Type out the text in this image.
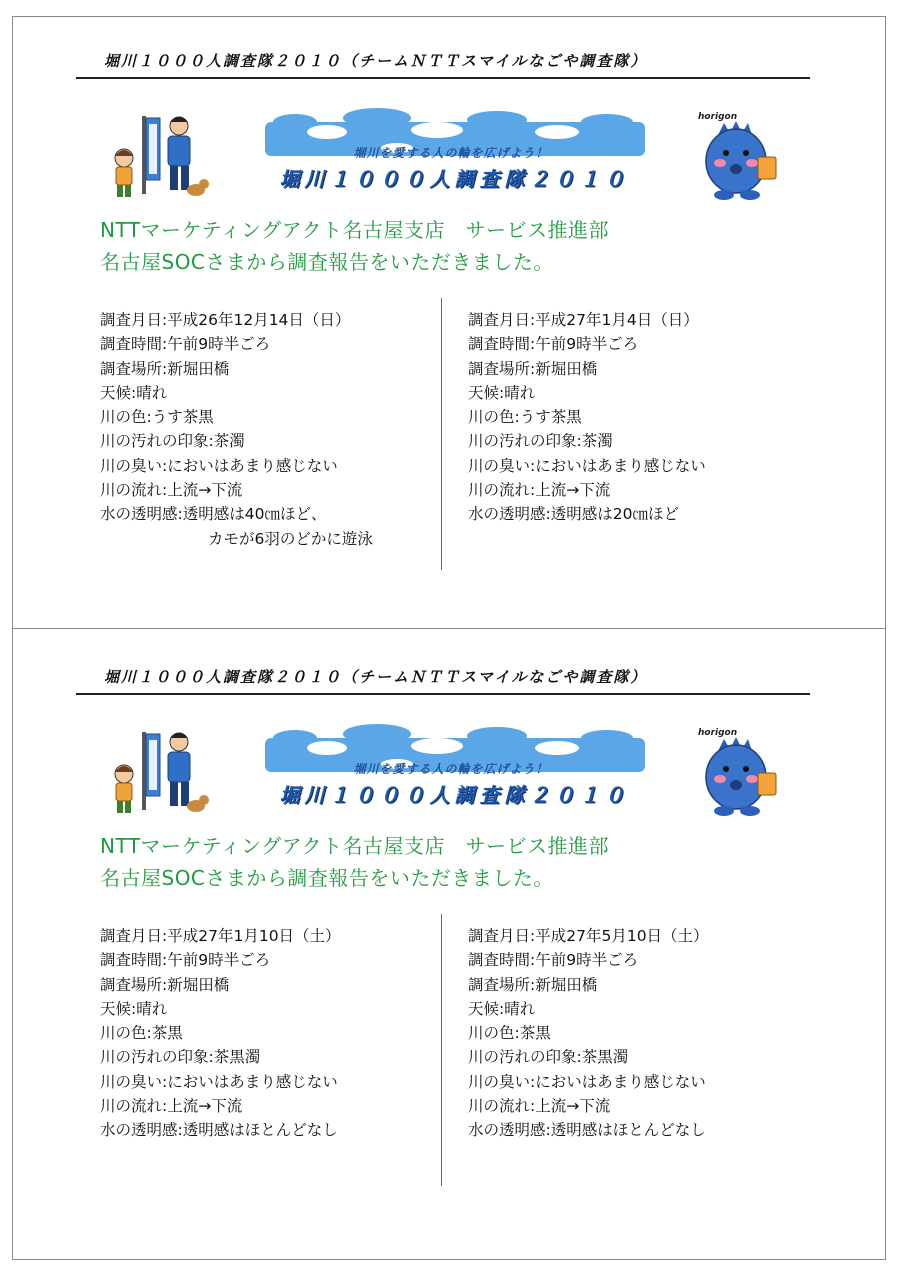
堀川１０００人調査隊２０１０（チームＮＴＴスマイルなごや調査隊）
堀川を愛する人の輪を広げよう！
堀川１０００人調査隊２０１０
horigon
NTTマーケティングアクト名古屋支店　サービス推進部
名古屋SOCさまから調査報告をいただきました。
調査月日:平成26年12月14日（日）
調査時間:午前9時半ごろ
調査場所:新堀田橋
天候:晴れ
川の色:うす茶黒
川の汚れの印象:茶濁
川の臭い:においはあまり感じない
川の流れ:上流→下流
水の透明感:透明感は40㎝ほど、
カモが6羽のどかに遊泳
調査月日:平成27年1月4日（日）
調査時間:午前9時半ごろ
調査場所:新堀田橋
天候:晴れ
川の色:うす茶黒
川の汚れの印象:茶濁
川の臭い:においはあまり感じない
川の流れ:上流→下流
水の透明感:透明感は20㎝ほど
堀川１０００人調査隊２０１０（チームＮＴＴスマイルなごや調査隊）
堀川を愛する人の輪を広げよう！
堀川１０００人調査隊２０１０
horigon
NTTマーケティングアクト名古屋支店　サービス推進部
名古屋SOCさまから調査報告をいただきました。
調査月日:平成27年1月10日（土）
調査時間:午前9時半ごろ
調査場所:新堀田橋
天候:晴れ
川の色:茶黒
川の汚れの印象:茶黒濁
川の臭い:においはあまり感じない
川の流れ:上流→下流
水の透明感:透明感はほとんどなし
調査月日:平成27年5月10日（土）
調査時間:午前9時半ごろ
調査場所:新堀田橋
天候:晴れ
川の色:茶黒
川の汚れの印象:茶黒濁
川の臭い:においはあまり感じない
川の流れ:上流→下流
水の透明感:透明感はほとんどなし
